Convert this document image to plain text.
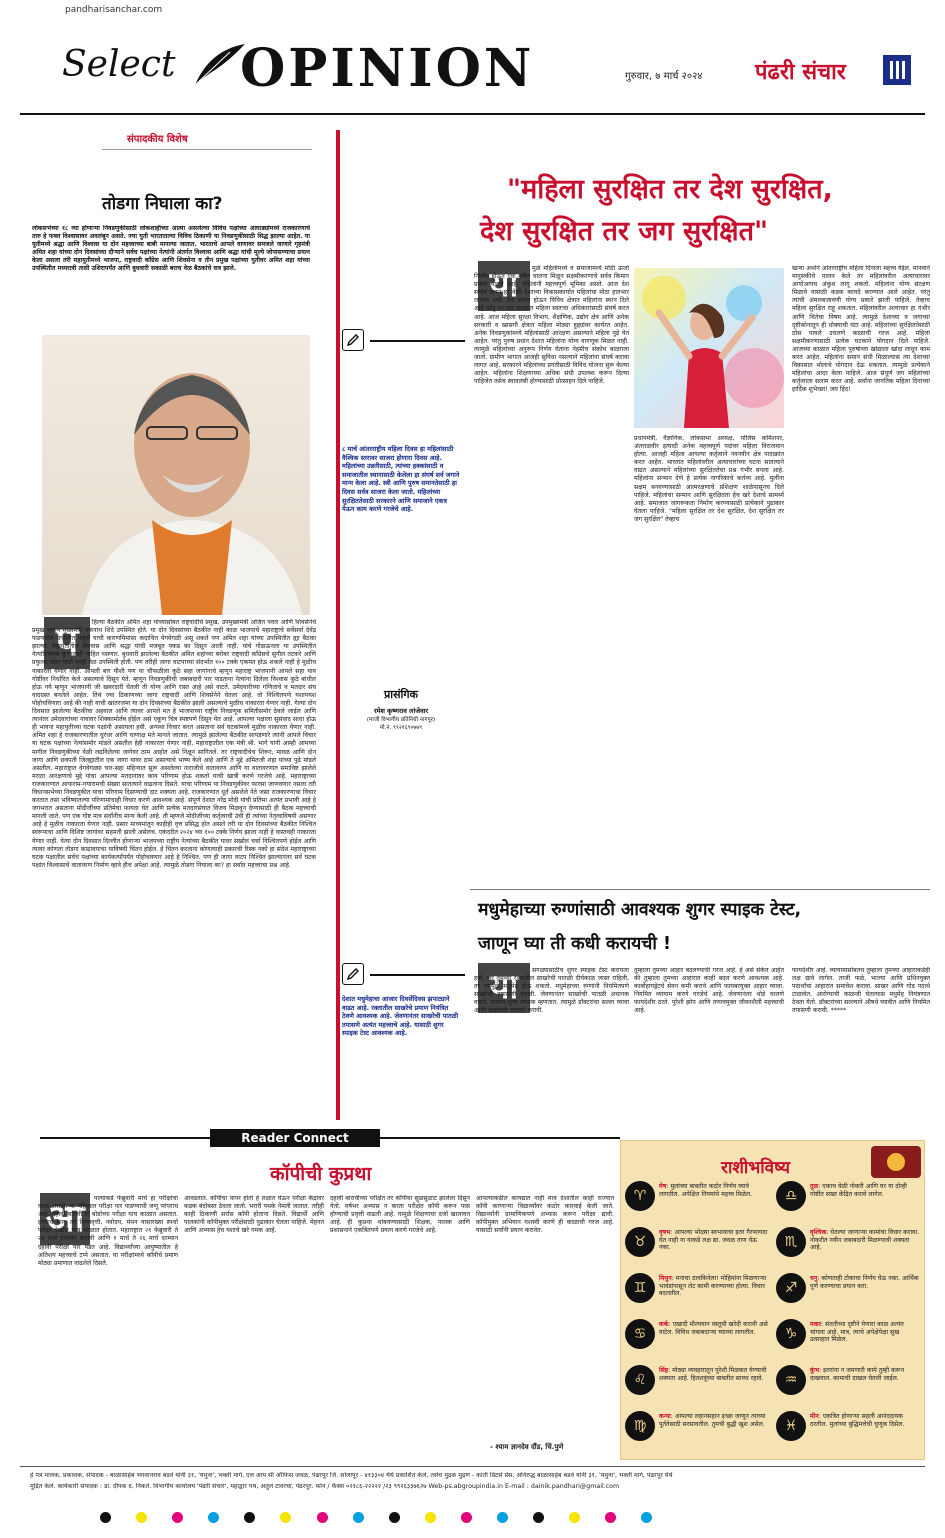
pandharisanchar.com
Select OPINION	गुरुवार, ७ मार्च २०२४ पंढरी संचार
संपादकीय विशेष
तोडगा निघाला का?
लोकसभेच्या १८ व्या होणाऱ्या निवडणुकीसाठी लोकशाहीच्या आत्मा असलेल्या विविध पक्षांच्या आघाड्यांमध्ये राजकारणाचे तारु हे फक्त विश्वासावर अवलंबून असते. ज्या युती भारतातल्या विविध ठिकाणी या निवडणुकीसाठी सिद्ध झाल्या आहेत. या युतीमध्ये श्रद्धा आणि विश्वास या दोन महत्त्वाच्या बाबी मानल्या जातात. भारताचे आपले वाणावर समजले जाणारे गृहमंत्री अमित शहा यांच्या दोन दिवसांच्या दौऱ्याने सर्वच पक्षांच्या नेत्यांनी अंतर्गत विश्वास आणि श्रद्धा यांची मूल्ये जोपासण्याचा प्रयत्न केला असला तरी महायुतीमध्ये भाजपा, राष्ट्रवादी काँग्रेस आणि शिवसेना व तीन प्रमुख पक्षांच्या युतीवर अमित शहा यांच्या उपस्थितीत मध्यरात्री तासी उशिरापर्यंत आणि बुधवारी सकाळी बराच वेळ बैठकांचे सत्र झाले.
प	हिल्या बैठकीत अमित शहा यांच्यासोबत राष्ट्रवादीचे प्रमुख, उपमुख्यमंत्री अजित पवार आणि शिवसेनेचे प्रमुख म्हणून मुख्यमंत्री एकनाथ शिंदे उपस्थित होते. या दोन दिवसांच्या बैठकीत नाही काळ भाजपाचे महाराष्ट्राचे सर्वेसर्वा देवेंद्र फडणवीस उपस्थित नव्हते याची कारणमिमांसा कदाचित वेगवेगळी असू शकते पण अमित शहा यांच्या उपस्थितीत ह्या बैठका झाल्या. महायुतीतील विश्वास आणि श्रद्धा यांची मजबूत पकड का दिसून आली नाही. यांचे गोडाऊनला या उपस्थितीत नेत्यांविषयक कुणालाही माहित नसणार. बुधवारी झालेल्या बैठकीत अमित शहांच्या बरोबर राष्ट्रवादी काँग्रेसचे सुनील तटकरे आणि प्रफुल्ल पटेल यांची काही वेळ उपस्थिती होती. पण तरीही जागा वाटपाच्या संदर्भात १०० टक्के एकमत होऊ शकले नाही हे मुळीच नाकारता येणार नाही. आपली बार यीशी पण या चौफळीला कुठे सहा जागांनाचे म्हणून महाराष्ट्र भाजपानी आपले सहा याव गोष्टींवर निर्धारित केले असल्याचे दिसून येते. म्हणून निवडणुकीची जबाबदारी पार पाडताना नेत्यांना दिलेला विश्वास कुठे बांधील होऊ नये म्हणून भाजपानी जी खबरदारी घेतली ती योग्य आणि रास्त आहे असे वाटते. उमेदवारीच्या गणिताचे व मतदार संघ वादग्रस्त बनलेले आहेत. तिथं ज्या ठिकाणच्या जागा राष्ट्रवादी आणि शिवसेनेने घेतला आहे. तो निश्चितपणे यशापयश पोहोचविणारा आहे की नाही याची खातरजमा या दोन दिवसांच्या बैठकीत झाली असल्याचे मुळीच नाकारता येणार नाही. गेल्या दोन दिवसात झालेल्या बैठकीचा अहवाल आणि त्यावर आपले मत हे भाजपाच्या राष्ट्रीय निवडणूक समितीसमोर ठेवले जाईल आणि त्यानंतर उमेदवारांच्या नावावर शिक्कामोर्तब होईल असे एकूण चित्र स्पष्टपणे दिसून येत आहे. आपल्या पक्षाला सुसंवाद साधा होऊ ही भावना महायुतीच्या घटक पक्षांनी असायला हवी. अन्यथा विचार करत असताना सर्व घटकांमध्ये मुळीच नाकारता येणार नाही. अमित शहा हे राजकारणातील धुरंधर आणि चाणाक्ष मते मानले जातात. त्यामुळे झालेल्या बैठकीत सापडणारे त्यांनी आपले विचार या घटक पक्षांच्या नेत्यांसमोर मांडले असतील हेही नाकारता येणार नाही. महाराष्ट्रातील एक मंत्री श्री. भागे यांनी आम्ही आमच्या मागील निवडणुकीच्या वेळी लढविलेल्या जागेवर ठाम आहोत असे निक्षून सांगितले. तर राष्ट्रवादीचेच शिरूर, मावळ आणि दोन जागा आणि छत्रपती जिल्ह्यातील एक जागा यावर ठाम असल्याचे भाष्य केले आहे आणि ते मुद्दे अमितजी शहा यांच्या पुढे मांडले असतील. महाराष्ट्रात वेगवेगळ्या चार-सहा महिन्यात सुरू असलेल्या नाराजीचे वातावरण आणि या वातावरणात समाविष्ट झालेले मराठा आरक्षणाचे मुद्दे यांचा आपल्या मतदानावर काय परिणाम होऊ शकतो याची खात्री करणे गरजेचे आहे. महाराष्ट्राच्या राजकारणात आयाराम-गयारामची संख्या सातत्याने वाढताना दिसते. याचा परिणाम या निवडणुकीवर फारसा जाणवणार नसला तरी विधानसभेच्या निवडणुकीत याचा परिणाम दिसण्याची दाट शक्यता आहे. राजकारणात धूर्त असलेले नेते जसा राजकारणाचा विचार करतात तसा भविष्यातल्या परिणामांचाही विचार करणे आवश्यक आहे. संपूर्ण देशात नरेंद्र मोदी यांची प्रतिमा अत्यंत प्रभावी आहे हे जगभरात असताना मोदीजींच्या प्रतिमेचा फायदा घेत आणि प्रत्येक मतदारसंघात विजय मिळवून देण्यासाठी ही बैठक महत्त्वाची मानली जाते. पण एक गोष्ट मात्र सर्वांनीच मान्य केली आहे. ती म्हणजे मोदीजींच्या कर्तृत्वाची उंची ही त्यांच्या नेतृत्वाविषयी असणार आहे हे मुळीच नाकारता येणार नाही. प्रसार माध्यमांतून काहीही वृत्त प्रसिद्ध होत असले तरी या दोन दिवसांच्या बैठकीत निश्चित स्वरूपाचा आणि विशिष्ट जागांवर सहमती झाली असेलच. एकंदरीत २०२४ च्या १०० टक्के निर्णय झाला नाही हे वास्तवही नाकारता येणार नाही. येत्या दोन दिवसात दिल्लीत होणाऱ्या भाजपच्या राष्ट्रीय नेत्यांच्या बैठकीत यावर सखोल चर्चा निश्चितपणे होईल आणि त्यावर कोणता तोडगा काढावयाचा याविषयी चिंतन होईल. हे चिंतन करताना कोणत्याही प्रकारची रिस्क नको हा संदेश महाराष्ट्राच्या घटक पक्षातील सर्वच पक्षांच्या कार्यकर्त्यांपर्यंत पोहोचवणार आहे हे निश्चित. पण ही जागा वाटप निश्चित झाल्यानंतर सर्व घटक पक्षांत विश्वासाचे वातावरण निर्माण व्हावे हीच अपेक्षा आहे. त्यामुळे तोडगा निघाला का? हा सर्वात महत्त्वाचा प्रश्न आहे.
"महिला सुरक्षित तर देश सुरक्षित,
देश सुरक्षित तर जग सुरक्षित"
८ मार्च आंतरराष्ट्रीय महिला दिवस हा महिलांसाठी वैश्विक स्तरावर साजरा होणारा दिवस आहे. महिलांच्या उन्नतीसाठी, त्यांच्या हक्कांसाठी व समाजातील स्थानासाठी केलेला हा संघर्ष सर्व जगाने मान्य केला आहे. स्त्री आणि पुरुष समानतेसाठी हा दिवस सर्वत्र साजरा केला जातो. महिलांच्या सुरक्षिततेसाठी सरकारने आणि समाजाने एकत्र येऊन काम करणे गरजेचे आहे.
प्रासंगिक
रमेश कृष्णराव लांजेवार
(माजी विभागीय प्रतिनिधी नागपूर)
मो.नं. ९९२१६९०७७९
या	मुळे महिलांमध्ये व समाजामध्ये मोठी ऊर्जा निर्माण होऊन एक नवीन चालना मिळून सक्षमीकरणाचे सर्वत्र किमान प्रमाण वाढले आहे. महिलांनी महत्त्वपूर्ण भूमिका असते. आज देश स्वतंत्र पावन हर वेळी देशाच्या विकासकार्यात महिलांचा मोठा हातभार लागला आहे. देश स्वतंत्र होऊन विविध क्षेत्रात महिलांना स्थान दिले आहे परंतु २१ व्या शतकात महिला स्वतःचा अधिकारांसाठी संघर्ष करत आहे. आज महिला सुरक्षा विभाग, शैक्षणिक, उद्योग क्षेत्र आणि अनेक सरकारी व खासगी क्षेत्रात महिला मोठ्या हुद्द्यांवर कार्यरत आहेत. अनेक निवडणुकांमध्ये महिलांसाठी आरक्षण असल्याने महिला पुढे येत आहेत. परंतु पुरुष प्रधान देशात महिलांना योग्य वागणूक मिळत नाही. त्यामुळे महिलांच्या अनुरूप निर्णय घेताना नेहमीच संकोच बाळगला जातो. ग्रामीण भागात आजही सुविधा नसल्याने महिलांना संघर्ष करावा लागत आहे. सरकारने महिलांच्या प्रगतीसाठी विविध योजना सुरू केल्या आहेत. महिलांना शिक्षणाच्या अधिक संधी उपलब्ध करून दिल्या पाहिजेत तसेच स्वावलंबी होण्यासाठी प्रोत्साहन दिले पाहिजे.
प्रधानमंत्री, वैज्ञानिक, लोकसभा अध्यक्ष, पोलिस कमिशनर, अंतराळवीर इत्यादी अनेक महत्त्वपूर्ण पदांवर महिला विराजमान होत्या. आजही महिला आपल्या कर्तृत्वाने नवनवीन क्षेत्र पादाक्रांत करत आहेत. भारतात महिलांवरील अत्याचारांच्या घटना सातत्याने वाढत असल्याने महिलांच्या सुरक्षिततेचा प्रश्न गंभीर बनला आहे. महिलांना सन्मान देणे हे प्रत्येक नागरिकाचे कर्तव्य आहे. मुलींना सक्षम बनवण्यासाठी आत्मरक्षणाचे प्रशिक्षण शाळेपासूनच दिले पाहिजे. महिलांचा सन्मान आणि सुरक्षितता हेच खरे देशाचे सामर्थ्य आहे. समाजात जागरूकता निर्माण करण्यासाठी प्रत्येकाने पुढाकार घेतला पाहिजे. "महिला सुरक्षित तर देश सुरक्षित, देश सुरक्षित तर जग सुरक्षित" तेव्हाच
खऱ्या अर्थाने आंतरराष्ट्रीय महिला दिनाला महत्त्व येईल. मानवाने मानुसकीचे पालन केले तर महिलांवरील अत्याचारावर आपोआपच अंकुश लागू शकतो. महिलांना योग्य संरक्षण मिळावे यासाठी कडक कायदे करण्यात आले आहेत. परंतु त्यांची अंमलबजावणी योग्य प्रकारे झाली पाहिजे. तेव्हाच महिला सुरक्षित राहू शकतात. महिलांवरील अत्याचार हा गंभीर आणि चिंतेचा विषय आहे. त्यामुळे देशाच्या व जगाच्या दृष्टीकोनातून ही धोक्याची घंटा आहे. महिलांच्या सुरक्षिततेसाठी ठोस पावले उचलणे काळाची गरज आहे. महिला सक्षमीकरणासाठी प्रत्येक घटकाने योगदान दिले पाहिजे. आजच्या काळात महिला पुरुषांच्या खांद्याला खांदा लावून काम करत आहेत. महिलांना समान संधी मिळाल्यास त्या देशाच्या विकासात मोलाचे योगदान देऊ शकतात. त्यामुळे प्रत्येकाने महिलांचा आदर केला पाहिजे. आज संपूर्ण जग महिलांच्या कर्तृत्वाला सलाम करत आहे. सर्वांना जागतिक महिला दिनाच्या हार्दिक शुभेच्छा! जय हिंद!
मधुमेहाच्या रुग्णांसाठी आवश्यक शुगर स्पाइक टेस्ट,
जाणून घ्या ती कधी करायची !
देशात मधुमेहाचा आजार दिवसेंदिवस झपाट्याने वाढत आहे. रक्तातील साखरेचे प्रमाण नियंत्रित ठेवणे आवश्यक आहे. जेवणानंतर साखरेची पातळी तपासणे अत्यंत महत्त्वाचे आहे. यासाठी शुगर स्पाइक टेस्ट आवश्यक आहे.
या	सगळ्यासाठीच शुगर स्पाइक टेस्ट करायला हवी. जर तुमच्या रक्तातील साखरेची पातळी दीर्घकाळ जास्त राहिली, तर त्यामुळे मधुमेह होऊ शकतो. मधुमेहाच्या रुग्णांनी नियमितपणे साखरेची तपासणी करावी. जेवणानंतर साखरेची पातळी अचानक वाढते, यालाच शुगर स्पाइक म्हणतात. त्यामुळे डॉक्टरांचा सल्ला घ्यावा आणि वेळोवेळी चाचणी करावी.
तुम्हाला तुमच्या आहार बदलण्याची गरज आहे. हे असे संकेत आहेत की तुम्हाला तुमच्या आहारात काही बदल करणे आवश्यक आहे. कार्बोहायड्रेटचे सेवन कमी करावे आणि फायबरयुक्त आहार घ्यावा. नियमित व्यायाम करणे गरजेचे आहे. जेवणानंतर थोडे चालणे फायदेशीर ठरते. पुरेशी झोप आणि तणावमुक्त जीवनशैली महत्त्वाची आहे.
फायदेशीर आहे. व्यायामासोबतच तुम्हाला तुमच्या आहाराकडेही लक्ष द्यावे लागेल. ताजी फळे, भाज्या आणि प्रथिनयुक्त पदार्थांचा आहारात समावेश करावा. साखर आणि गोड पदार्थ टाळावेत. आरोग्याची काळजी घेतल्यास मधुमेह नियंत्रणात ठेवता येतो. डॉक्टरांच्या सल्ल्याने औषधे घ्यावीत आणि नियमित तपासणी करावी. *****
Reader Connect
कॉपीची कुप्रथा
आ	पल्याकडे फेब्रुवारी मार्च हा परीक्षांचा काळ असतो. या महिन्यात परीक्षा पार पाडण्याची जणू परंपराच आहे. दहावी बारावी या बोर्डाच्या परीक्षा याच काळात असतात. इतकेच काय तर शिष्यवृत्ती, नवोदय, मंथन यासारख्या स्पर्धा परीक्षा देखील याच काळात होतात. महाराष्ट्रात २१ फेब्रुवारी ते २३ मार्च दरम्यान बारावी आणि १ मार्च ते २६ मार्च दरम्यान दहावी परीक्षा पार पडत आहे. विद्यार्थ्यांच्या आयुष्यातील हे अतिशय महत्त्वाचे टप्पे असतात. या परीक्षांमध्ये कॉपीचे प्रमाण मोठ्या प्रमाणात वाढलेले दिसते.
आवडतात. कॉपीचा वापर होतो हे लक्षात घेऊन परीक्षा केंद्रावर कडक बंदोबस्त ठेवला जातो. भरारी पथके नेमली जातात. तरीही काही ठिकाणी सर्रास कॉपी होताना दिसते. विद्यार्थी आणि पालकांनी कॉपीमुक्त परीक्षेसाठी पुढाकार घेतला पाहिजे. मेहनत आणि अभ्यास हेच यशाचे खरे गमक आहे.
दहावी बारावीच्या परीक्षेत तर कॉपीचा सुळसुळाट झालेला दिसून येतो. वर्षभर अभ्यास न करता परीक्षेत कॉपी करून पास होण्याची प्रवृत्ती वाढली आहे. यामुळे शिक्षणाचा दर्जा खालावत आहे. ही कुप्रथा थांबवण्यासाठी शिक्षक, पालक आणि प्रशासनाने एकत्रितपणे प्रयत्न करणे गरजेचे आहे.
आपल्याकडील कायद्यात नाही मात्र देशातील काही राज्यात कॉपी करणाऱ्या विद्यार्थ्यांवर कठोर कारवाई केली जाते. विद्यार्थ्यांनी प्रामाणिकपणे अभ्यास करून परीक्षा द्यावी. कॉपीमुक्त अभियान यशस्वी करणे ही काळाची गरज आहे. यासाठी सर्वांनी प्रयत्न करावेत.
- श्याम ज्ञानदेव दौंड, चिं.पुणे
राशीभविष्य
♈
मेष: मुलांच्या बाबतीत कठोर निर्णय घ्यावे लागतील. अपेक्षित नियमांचे महत्त्व मिळेल.
♉
वृषभ: आपल्या भोळ्या स्वभावाचा इतर गैरफायदा घेत नाही ना याकडे लक्ष द्या. जवळ ताण येऊ नका.
♊
मिथुन: मनाचा ठावकिनेला! मोहिमांना मिळणाऱ्या भावंडांपासून लेट कामी करण्याच्या होत्या. विचार बदलतील.
♋
कर्क: एखादी मौल्यवान वस्तूची खरेदी करावी असे वाटेल. विविध जबाबदाऱ्या घ्याव्या लागतील.
♌
सिंह: मोठ्या व्यवहारातून पुरेशी मिळकत येण्याची शक्यता आहे. हितशत्रूंच्या बाबतीत सावध रहावे.
♍
कन्या: आपल्या लहानसहान इच्छा जाणून त्याच्या पूर्ततेसाठी सरसावतील. तुमची बुद्धी खुश असेल.
♎
तुळ: एकाच वेळी नोकरी आणि घर या दोन्ही गोष्टींत सख्त केंद्रित करावे लागेल.
♏
वृश्चिक: घेतल्या जाणाऱ्या कामांचा विचार करावा. नोकरीत नवीन जबाबदारी मिळण्याची शक्यता आहे.
♐
धनु: कोणताही टोकाचा निर्णय घेऊ नका. आर्थिक पूर्ण करण्याचा प्रयत्न करा.
♑
मकर: संततीच्या दृष्टीने येणारा काळ अत्यंत चांगला आहे. मात्र, त्याचे अपेक्षेपेक्षा सुख उत्साहात मिळेल.
♒
कुंभ: इतरांना न जमणारी कामे तुम्ही करून दाखवाल. कामाची दाखल घेतली जाईल.
♓
मीन: एकत्रित होणाऱ्या सहली आनंददायक ठरतील. मुलांच्या बुद्धिमत्तेची चुणूक दिसेल.
हे पत्र मालक, प्रकाशक, संपादक - बाळासाहेब भगवानराव बडवे यांनी ३१, 'यमुना', भक्ती मार्ग, एल आय सी ऑफिस जवळ, पंढरपूर जि. सोलापूर - ४१३३०४ येथे प्रकाशित केले, तसेच मुद्रक मुद्रण - कांती प्रिंटर्स प्रेस, अनिरुद्ध बाळासाहेब बडवे यांनी ३१, 'यमुना', भक्ती मार्ग, पंढरपूर येथे
मुद्रित केले. कार्यकारी संपादक : डा. दीपक द. निकते. विभागीय कार्यालय 'पंढरी संचार', महाद्वार पथ, अतुल टावरचा, पंढरपूर. फोन / फॅक्स ०२१८६-२२२२२ /२३ ९९२६३३७६२७ Web-ps.abgroupindia.in E-mail : dainik.pandhari@gmail.com
